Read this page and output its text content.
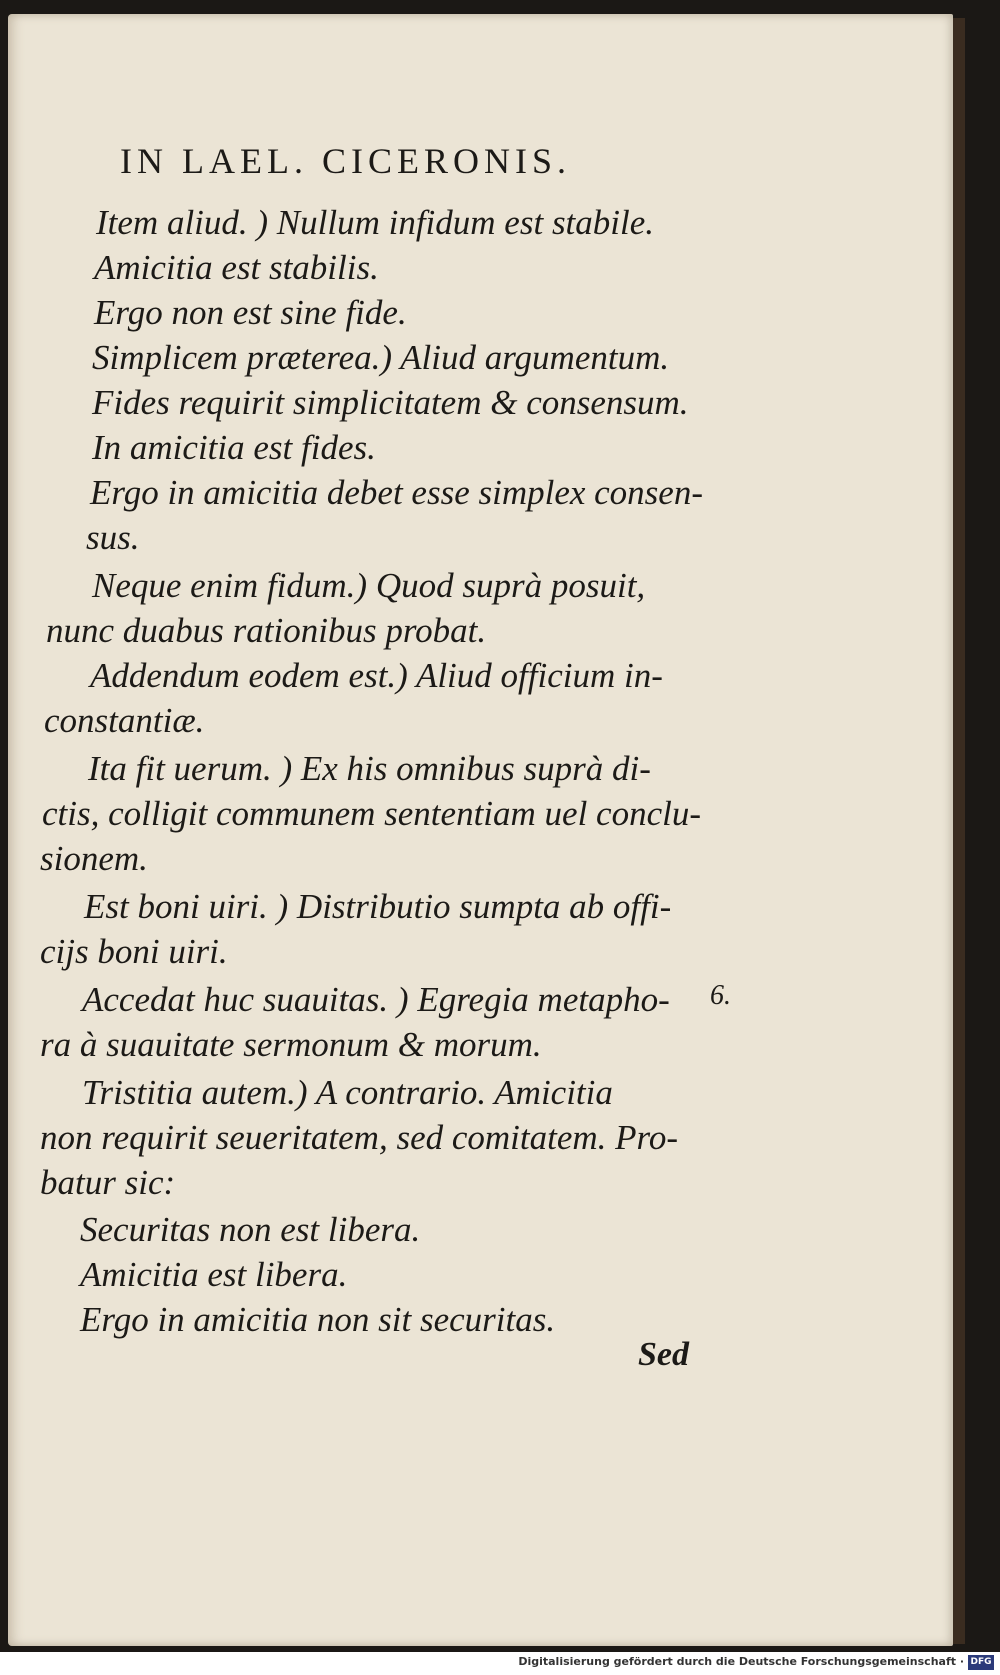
IN LAEL. CICERONIS.
Item aliud. ) Nullum infidum est stabile.
Amicitia est stabilis.
Ergo non est sine fide.
Simplicem præterea.) Aliud argumentum.
Fides requirit simplicitatem & consensum.
In amicitia est fides.
Ergo in amicitia debet esse simplex consen-
sus.
Neque enim fidum.) Quod suprà posuit,
nunc duabus rationibus probat.
Addendum eodem est.) Aliud officium in-
constantiæ.
Ita fit uerum. ) Ex his omnibus suprà di-
ctis, colligit communem sententiam uel conclu-
sionem.
Est boni uiri. ) Distributio sumpta ab offi-
cijs boni uiri.
Accedat huc suauitas. ) Egregia metapho-
ra à suauitate sermonum & morum.
Tristitia autem.) A contrario. Amicitia
non requirit seueritatem, sed comitatem. Pro-
batur sic:
Securitas non est libera.
Amicitia est libera.
Ergo in amicitia non sit securitas.
6.
Sed
Digitalisierung gefördert durch die Deutsche Forschungsgemeinschaft · DFG
